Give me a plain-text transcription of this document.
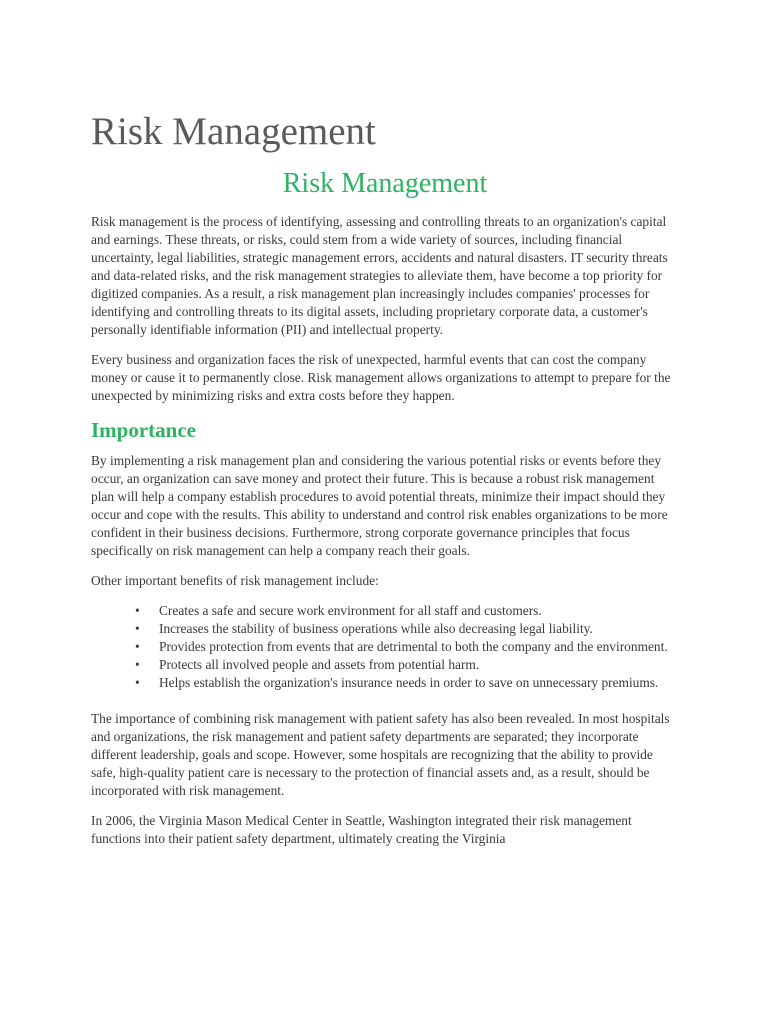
Risk Management
Risk Management

Risk management is the process of identifying, assessing and controlling threats to an organization's capital and earnings. These threats, or risks, could stem from a wide variety of sources, including financial uncertainty, legal liabilities, strategic management errors, accidents and natural disasters. IT security threats and data-related risks, and the risk management strategies to alleviate them, have become a top priority for digitized companies. As a result, a risk management plan increasingly includes companies' processes for identifying and controlling threats to its digital assets, including proprietary corporate data, a customer's personally identifiable information (PII) and intellectual property.

Every business and organization faces the risk of unexpected, harmful events that can cost the company money or cause it to permanently close. Risk management allows organizations to attempt to prepare for the unexpected by minimizing risks and extra costs before they happen.

Importance

By implementing a risk management plan and considering the various potential risks or events before they occur, an organization can save money and protect their future. This is because a robust risk management plan will help a company establish procedures to avoid potential threats, minimize their impact should they occur and cope with the results. This ability to understand and control risk enables organizations to be more confident in their business decisions. Furthermore, strong corporate governance principles that focus specifically on risk management can help a company reach their goals.

Other important benefits of risk management include:

• Creates a safe and secure work environment for all staff and customers.
• Increases the stability of business operations while also decreasing legal liability.
• Provides protection from events that are detrimental to both the company and the environment.
• Protects all involved people and assets from potential harm.
• Helps establish the organization's insurance needs in order to save on unnecessary premiums.

The importance of combining risk management with patient safety has also been revealed. In most hospitals and organizations, the risk management and patient safety departments are separated; they incorporate different leadership, goals and scope. However, some hospitals are recognizing that the ability to provide safe, high-quality patient care is necessary to the protection of financial assets and, as a result, should be incorporated with risk management.

In 2006, the Virginia Mason Medical Center in Seattle, Washington integrated their risk management functions into their patient safety department, ultimately creating the Virginia
